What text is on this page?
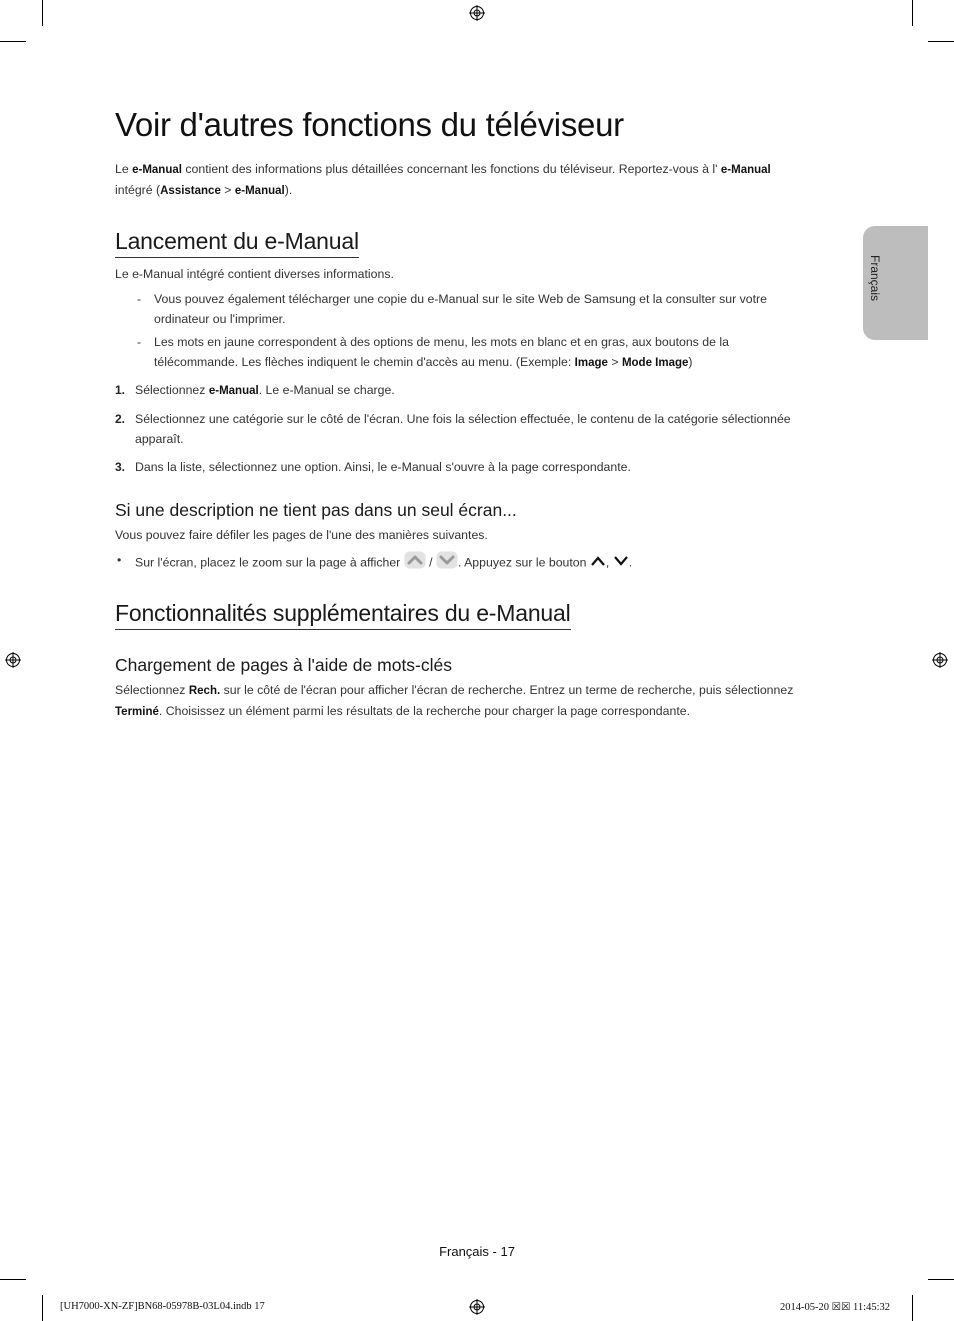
Français
Voir d'autres fonctions du téléviseur
Le e-Manual contient des informations plus détaillées concernant les fonctions du téléviseur. Reportez-vous à l' e-Manual
intégré (Assistance > e-Manual).
Lancement du e-Manual
Le e-Manual intégré contient diverses informations.
- Vous pouvez également télécharger une copie du e-Manual sur le site Web de Samsung et la consulter sur votre
ordinateur ou l'imprimer.
- Les mots en jaune correspondent à des options de menu, les mots en blanc et en gras, aux boutons de la
télécommande. Les flèches indiquent le chemin d'accès au menu. (Exemple: Image > Mode Image)
1. Sélectionnez e-Manual. Le e-Manual se charge.
2. Sélectionnez une catégorie sur le côté de l'écran. Une fois la sélection effectuée, le contenu de la catégorie sélectionnée
apparaît.
3. Dans la liste, sélectionnez une option. Ainsi, le e-Manual s'ouvre à la page correspondante.
Si une description ne tient pas dans un seul écran...
Vous pouvez faire défiler les pages de l'une des manières suivantes.
• Sur l'écran, placez le zoom sur la page à afficher  / . Appuyez sur le bouton , .
Fonctionnalités supplémentaires du e-Manual
Chargement de pages à l'aide de mots-clés
Sélectionnez Rech. sur le côté de l'écran pour afficher l'écran de recherche. Entrez un terme de recherche, puis sélectionnez
Terminé. Choisissez un élément parmi les résultats de la recherche pour charger la page correspondante.
Français - 17
[UH7000-XN-ZF]BN68-05978B-03L04.indb 17	2014-05-20 ☒☒ 11:45:32
